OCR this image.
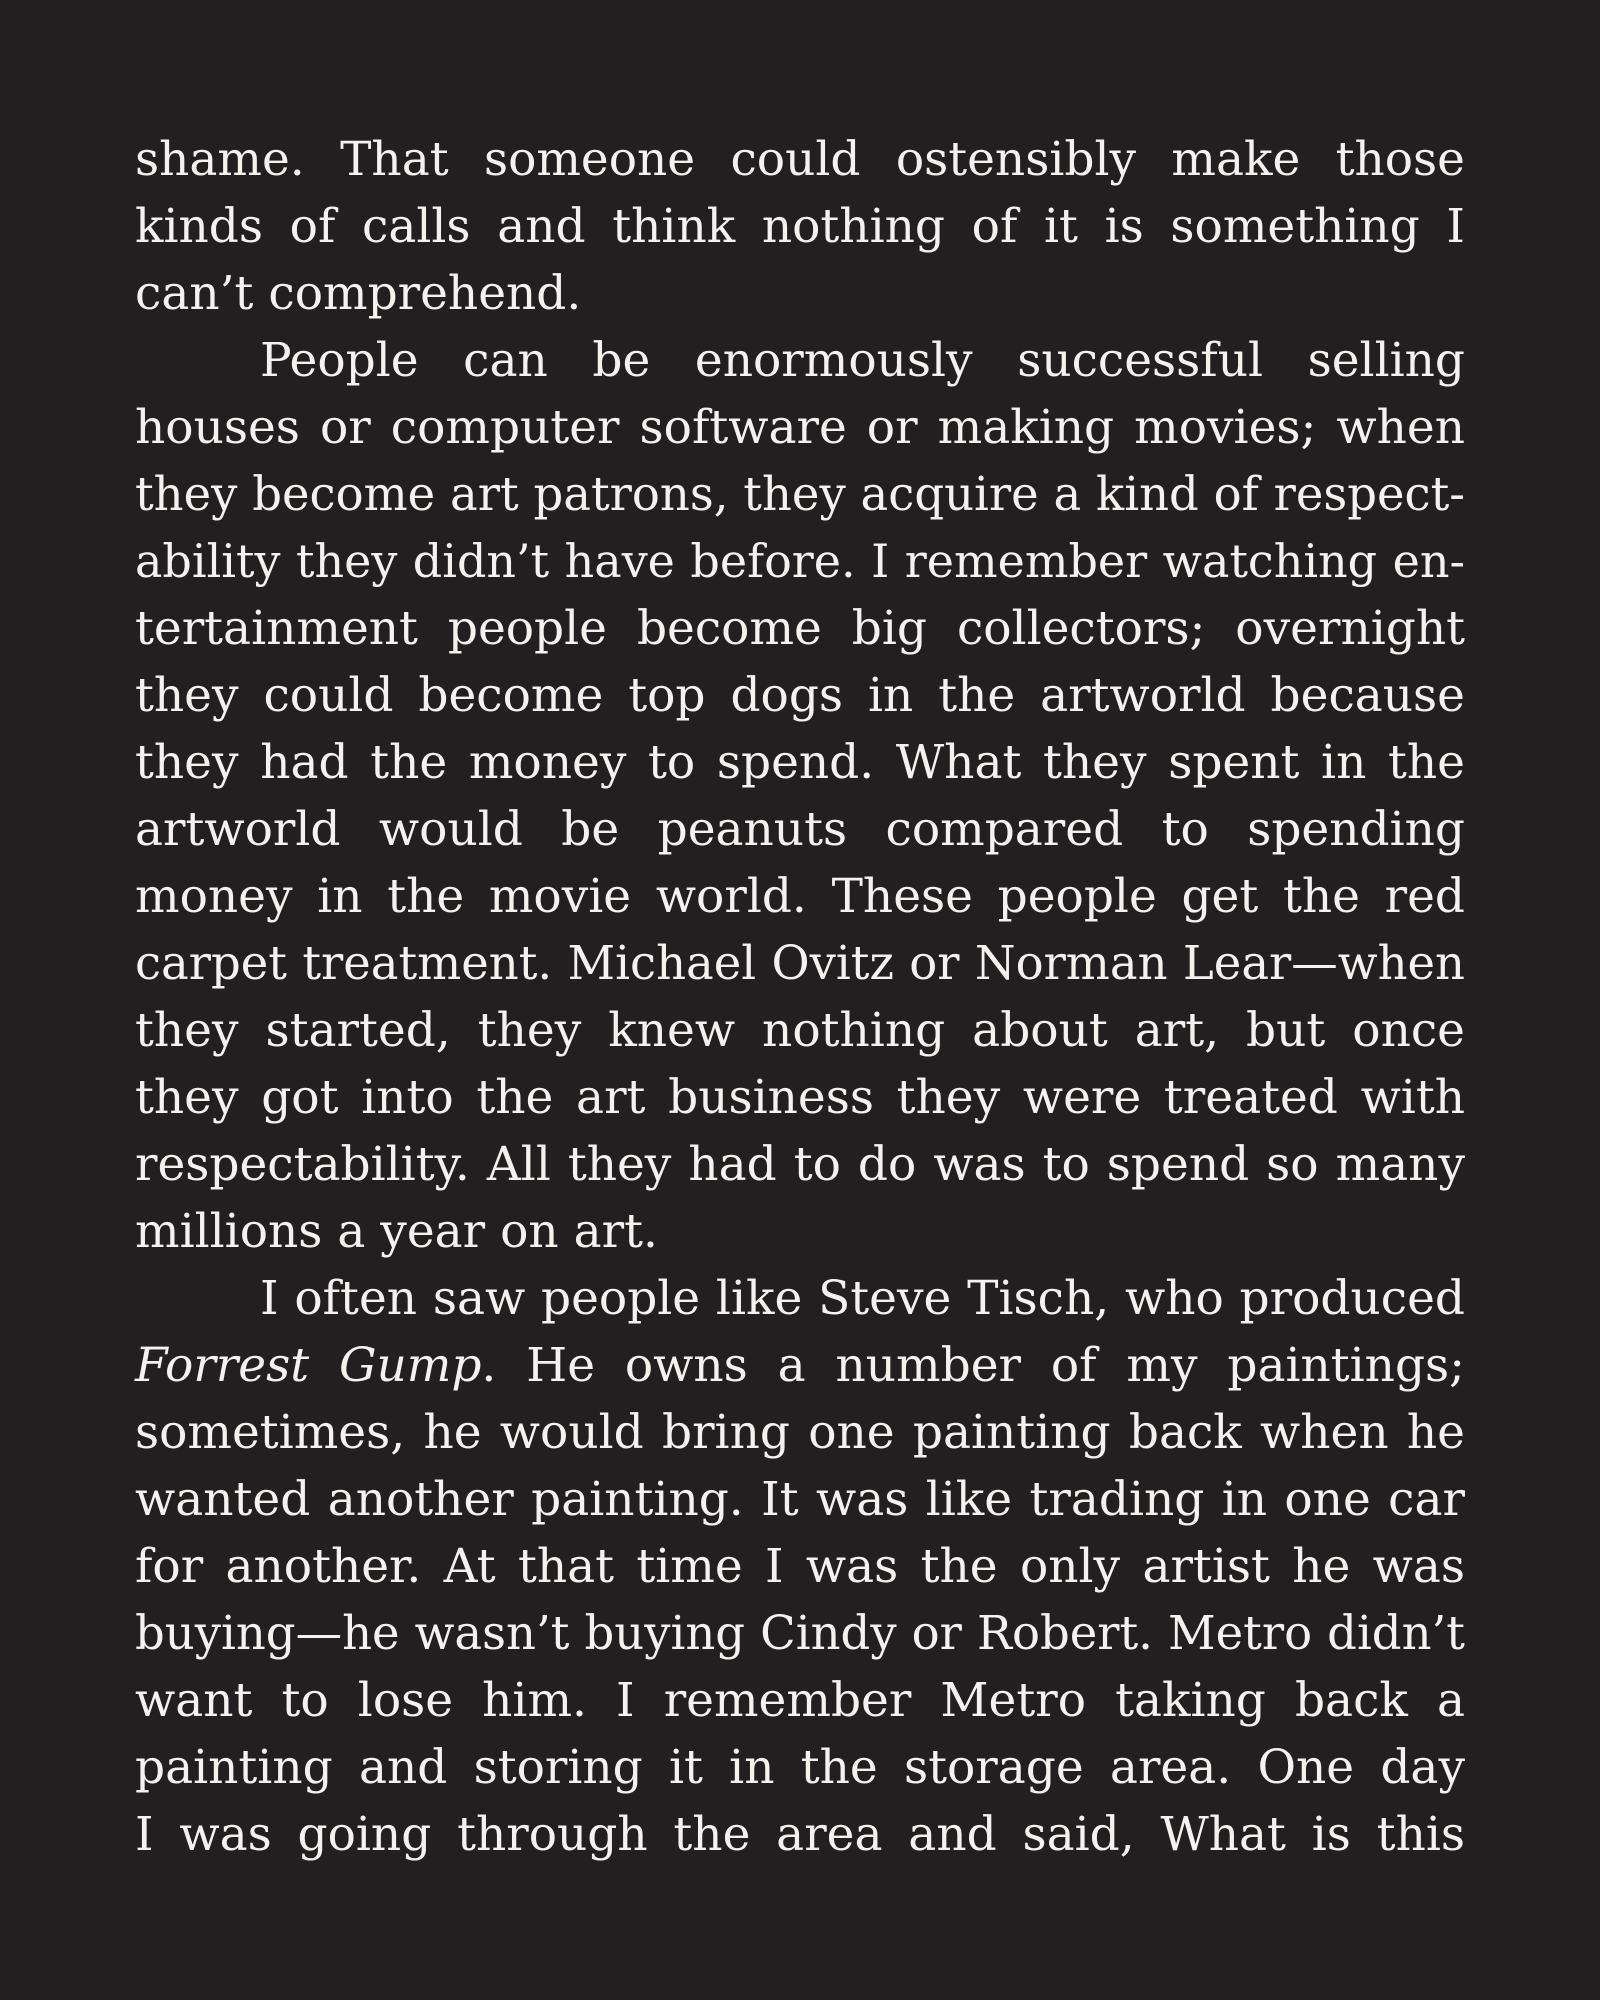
shame. That someone could ostensibly make those
kinds of calls and think nothing of it is something I
can’t comprehend.
People can be enormously successful selling
houses or computer software or making movies; when
they become art patrons, they acquire a kind of respect-
ability they didn’t have before. I remember watching en-
tertainment people become big collectors; overnight
they could become top dogs in the artworld because
they had the money to spend. What they spent in the
artworld would be peanuts compared to spending
money in the movie world. These people get the red
carpet treatment. Michael Ovitz or Norman Lear—when
they started, they knew nothing about art, but once
they got into the art business they were treated with
respectability. All they had to do was to spend so many
millions a year on art.
I often saw people like Steve Tisch, who produced
Forrest Gump. He owns a number of my paintings;
sometimes, he would bring one painting back when he
wanted another painting. It was like trading in one car
for another. At that time I was the only artist he was
buying—he wasn’t buying Cindy or Robert. Metro didn’t
want to lose him. I remember Metro taking back a
painting and storing it in the storage area. One day
I was going through the area and said, What is this
